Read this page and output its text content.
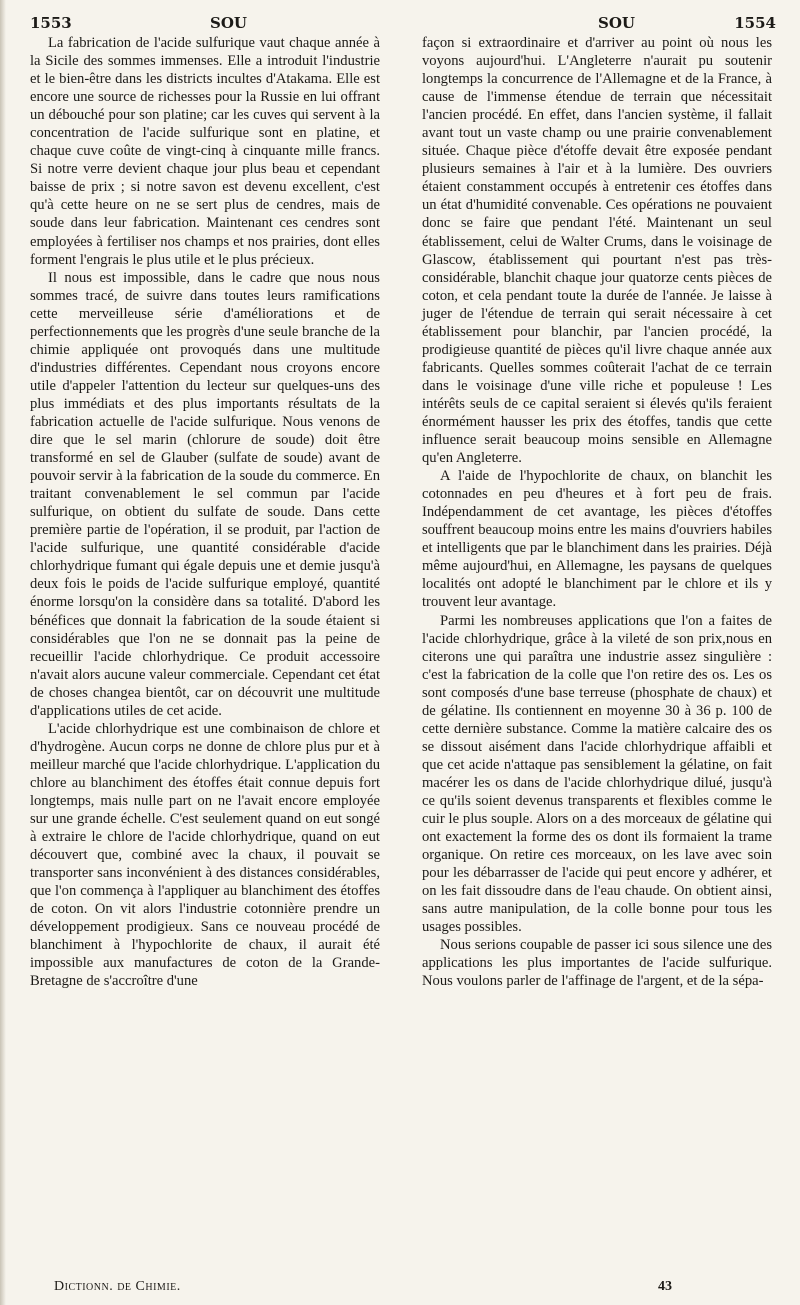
1553	SOU	SOU	1554

La fabrication de l'acide sulfurique vaut chaque année à la Sicile des sommes immenses. Elle a introduit l'industrie et le bien-être dans les districts incultes d'Atakama. Elle est encore une source de richesses pour la Russie en lui offrant un débouché pour son platine; car les cuves qui servent à la concentration de l'acide sulfurique sont en platine, et chaque cuve coûte de vingt-cinq à cinquante mille francs. Si notre verre devient chaque jour plus beau et cependant baisse de prix ; si notre savon est devenu excellent, c'est qu'à cette heure on ne se sert plus de cendres, mais de soude dans leur fabrication. Maintenant ces cendres sont employées à fertiliser nos champs et nos prairies, dont elles forment l'engrais le plus utile et le plus précieux.

Il nous est impossible, dans le cadre que nous nous sommes tracé, de suivre dans toutes leurs ramifications cette merveilleuse série d'améliorations et de perfectionnements que les progrès d'une seule branche de la chimie appliquée ont provoqués dans une multitude d'industries différentes. Cependant nous croyons encore utile d'appeler l'attention du lecteur sur quelques-uns des plus immédiats et des plus importants résultats de la fabrication actuelle de l'acide sulfurique. Nous venons de dire que le sel marin (chlorure de soude) doit être transformé en sel de Glauber (sulfate de soude) avant de pouvoir servir à la fabrication de la soude du commerce. En traitant convenablement le sel commun par l'acide sulfurique, on obtient du sulfate de soude. Dans cette première partie de l'opération, il se produit, par l'action de l'acide sulfurique, une quantité considérable d'acide chlorhydrique fumant qui égale depuis une et demie jusqu'à deux fois le poids de l'acide sulfurique employé, quantité énorme lorsqu'on la considère dans sa totalité. D'abord les bénéfices que donnait la fabrication de la soude étaient si considérables que l'on ne se donnait pas la peine de recueillir l'acide chlorhydrique. Ce produit accessoire n'avait alors aucune valeur commerciale. Cependant cet état de choses changea bientôt, car on découvrit une multitude d'applications utiles de cet acide.

L'acide chlorhydrique est une combinaison de chlore et d'hydrogène. Aucun corps ne donne de chlore plus pur et à meilleur marché que l'acide chlorhydrique. L'application du chlore au blanchiment des étoffes était connue depuis fort longtemps, mais nulle part on ne l'avait encore employée sur une grande échelle. C'est seulement quand on eut songé à extraire le chlore de l'acide chlorhydrique, quand on eut découvert que, combiné avec la chaux, il pouvait se transporter sans inconvénient à des distances considérables, que l'on commença à l'appliquer au blanchiment des étoffes de coton. On vit alors l'industrie cotonnière prendre un développement prodigieux. Sans ce nouveau procédé de blanchiment à l'hypochlorite de chaux, il aurait été impossible aux manufactures de coton de la Grande-Bretagne de s'accroître d'une

façon si extraordinaire et d'arriver au point où nous les voyons aujourd'hui. L'Angleterre n'aurait pu soutenir longtemps la concurrence de l'Allemagne et de la France, à cause de l'immense étendue de terrain que nécessitait l'ancien procédé. En effet, dans l'ancien système, il fallait avant tout un vaste champ ou une prairie convenablement située. Chaque pièce d'étoffe devait être exposée pendant plusieurs semaines à l'air et à la lumière. Des ouvriers étaient constamment occupés à entretenir ces étoffes dans un état d'humidité convenable. Ces opérations ne pouvaient donc se faire que pendant l'été. Maintenant un seul établissement, celui de Walter Crums, dans le voisinage de Glascow, établissement qui pourtant n'est pas très-considérable, blanchit chaque jour quatorze cents pièces de coton, et cela pendant toute la durée de l'année. Je laisse à juger de l'étendue de terrain qui serait nécessaire à cet établissement pour blanchir, par l'ancien procédé, la prodigieuse quantité de pièces qu'il livre chaque année aux fabricants. Quelles sommes coûterait l'achat de ce terrain dans le voisinage d'une ville riche et populeuse ! Les intérêts seuls de ce capital seraient si élevés qu'ils feraient énormément hausser les prix des étoffes, tandis que cette influence serait beaucoup moins sensible en Allemagne qu'en Angleterre.

A l'aide de l'hypochlorite de chaux, on blanchit les cotonnades en peu d'heures et à fort peu de frais. Indépendamment de cet avantage, les pièces d'étoffes souffrent beaucoup moins entre les mains d'ouvriers habiles et intelligents que par le blanchiment dans les prairies. Déjà même aujourd'hui, en Allemagne, les paysans de quelques localités ont adopté le blanchiment par le chlore et ils y trouvent leur avantage.

Parmi les nombreuses applications que l'on a faites de l'acide chlorhydrique, grâce à la vileté de son prix,nous en citerons une qui paraîtra une industrie assez singulière : c'est la fabrication de la colle que l'on retire des os. Les os sont composés d'une base terreuse (phosphate de chaux) et de gélatine. Ils contiennent en moyenne 30 à 36 p. 100 de cette dernière substance. Comme la matière calcaire des os se dissout aisément dans l'acide chlorhydrique affaibli et que cet acide n'attaque pas sensiblement la gélatine, on fait macérer les os dans de l'acide chlorhydrique dilué, jusqu'à ce qu'ils soient devenus transparents et flexibles comme le cuir le plus souple. Alors on a des morceaux de gélatine qui ont exactement la forme des os dont ils formaient la trame organique. On retire ces morceaux, on les lave avec soin pour les débarrasser de l'acide qui peut encore y adhérer, et on les fait dissoudre dans de l'eau chaude. On obtient ainsi, sans autre manipulation, de la colle bonne pour tous les usages possibles.

Nous serions coupable de passer ici sous silence une des applications les plus importantes de l'acide sulfurique. Nous voulons parler de l'affinage de l'argent, et de la sépa-

Dictionn. de Chimie.	43
